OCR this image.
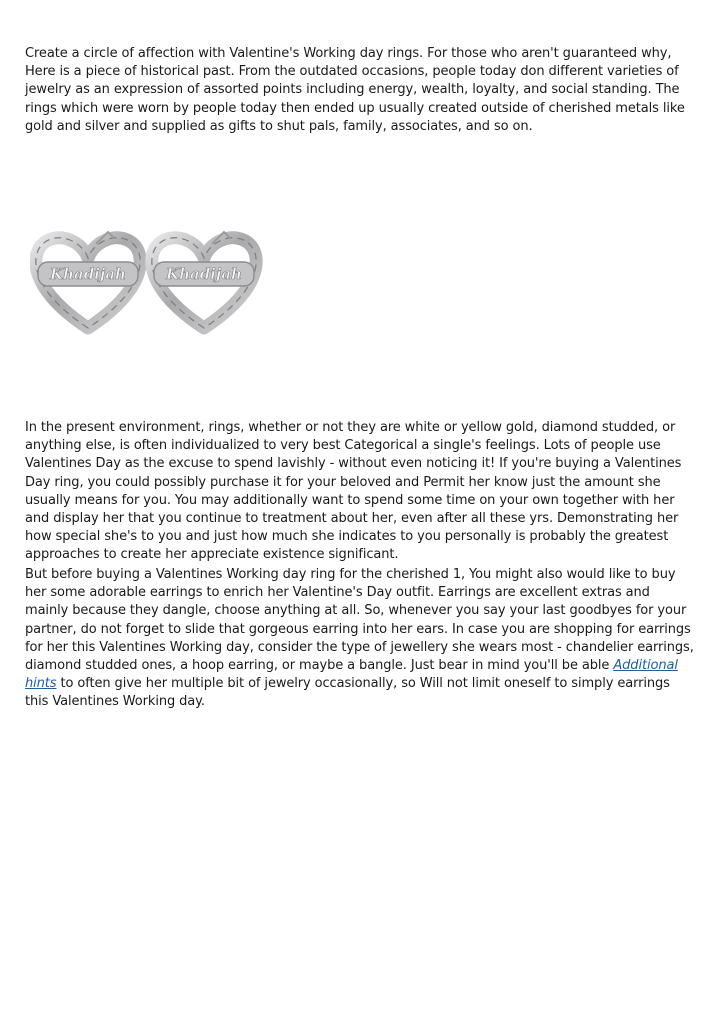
Create a circle of affection with Valentine's Working day rings. For those who aren't guaranteed why, Here is a piece of historical past. From the outdated occasions, people today don different varieties of jewelry as an expression of assorted points including energy, wealth, loyalty, and social standing. The rings which were worn by people today then ended up usually created outside of cherished metals like gold and silver and supplied as gifts to shut pals, family, associates, and so on.

Khadijah	Khadijah

In the present environment, rings, whether or not they are white or yellow gold, diamond studded, or anything else, is often individualized to very best Categorical a single's feelings. Lots of people use Valentines Day as the excuse to spend lavishly - without even noticing it! If you're buying a Valentines Day ring, you could possibly purchase it for your beloved and Permit her know just the amount she usually means for you. You may additionally want to spend some time on your own together with her and display her that you continue to treatment about her, even after all these yrs. Demonstrating her how special she's to you and just how much she indicates to you personally is probably the greatest approaches to create her appreciate existence significant.

But before buying a Valentines Working day ring for the cherished 1, You might also would like to buy her some adorable earrings to enrich her Valentine's Day outfit. Earrings are excellent extras and mainly because they dangle, choose anything at all. So, whenever you say your last goodbyes for your partner, do not forget to slide that gorgeous earring into her ears. In case you are shopping for earrings for her this Valentines Working day, consider the type of jewellery she wears most - chandelier earrings, diamond studded ones, a hoop earring, or maybe a bangle. Just bear in mind you'll be able Additional hints to often give her multiple bit of jewelry occasionally, so Will not limit oneself to simply earrings this Valentines Working day.
